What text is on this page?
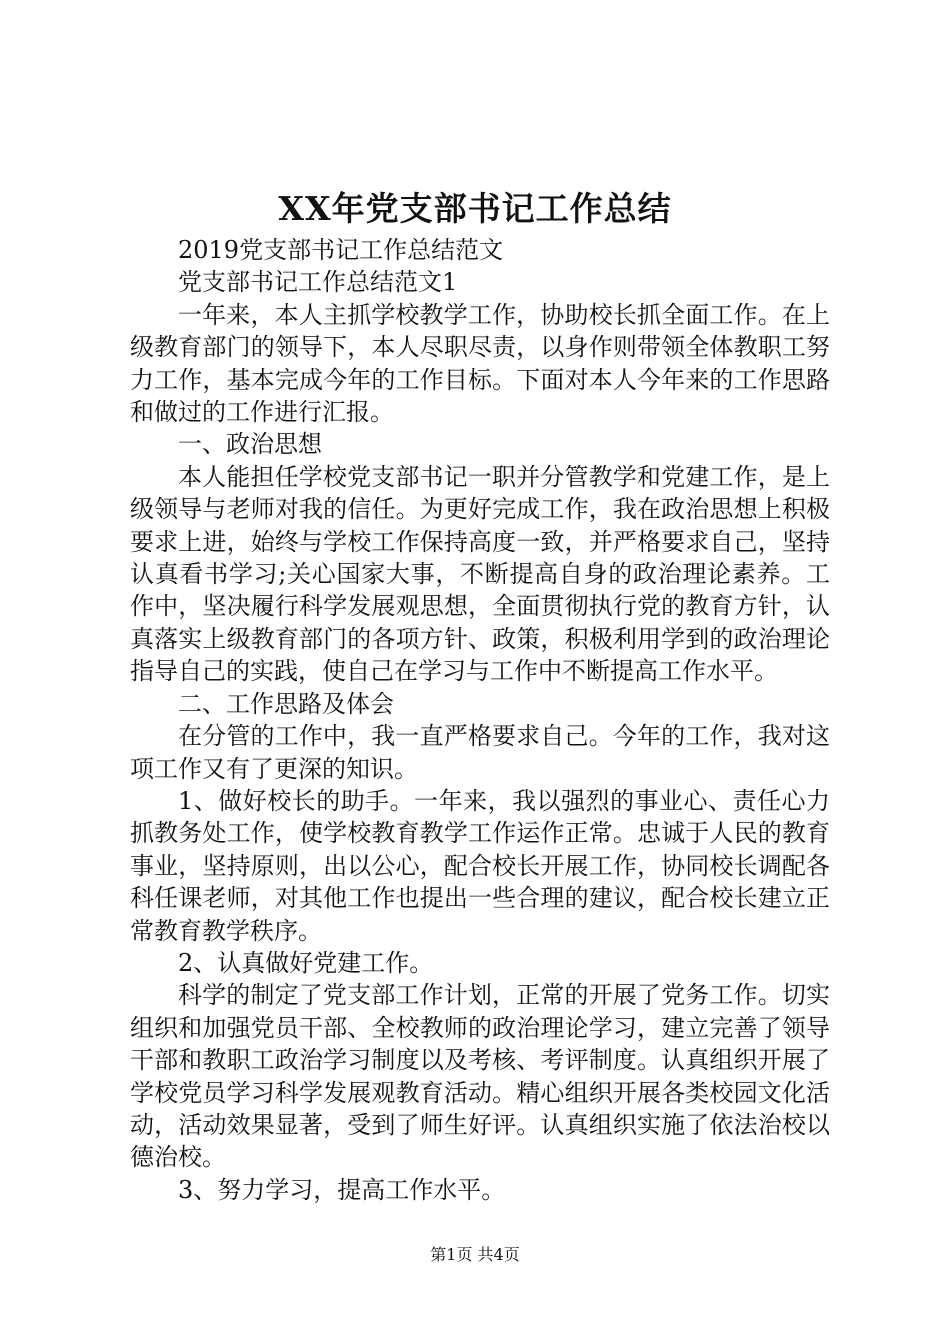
XX年党支部书记工作总结

2019党支部书记工作总结范文

党支部书记工作总结范文1

一年来，本人主抓学校教学工作，协助校长抓全面工作。在上级教育部门的领导下，本人尽职尽责，以身作则带领全体教职工努力工作，基本完成今年的工作目标。下面对本人今年来的工作思路和做过的工作进行汇报。

一、政治思想

本人能担任学校党支部书记一职并分管教学和党建工作，是上级领导与老师对我的信任。为更好完成工作，我在政治思想上积极要求上进，始终与学校工作保持高度一致，并严格要求自己，坚持认真看书学习;关心国家大事，不断提高自身的政治理论素养。工作中，坚决履行科学发展观思想，全面贯彻执行党的教育方针，认真落实上级教育部门的各项方针、政策，积极利用学到的政治理论指导自己的实践，使自己在学习与工作中不断提高工作水平。

二、工作思路及体会

在分管的工作中，我一直严格要求自己。今年的工作，我对这项工作又有了更深的知识。

1、做好校长的助手。一年来，我以强烈的事业心、责任心力抓教务处工作，使学校教育教学工作运作正常。忠诚于人民的教育事业，坚持原则，出以公心，配合校长开展工作，协同校长调配各科任课老师，对其他工作也提出一些合理的建议，配合校长建立正常教育教学秩序。

2、认真做好党建工作。

科学的制定了党支部工作计划，正常的开展了党务工作。切实组织和加强党员干部、全校教师的政治理论学习，建立完善了领导干部和教职工政治学习制度以及考核、考评制度。认真组织开展了学校党员学习科学发展观教育活动。精心组织开展各类校园文化活动，活动效果显著，受到了师生好评。认真组织实施了依法治校以德治校。

3、努力学习，提高工作水平。

第1页 共4页
